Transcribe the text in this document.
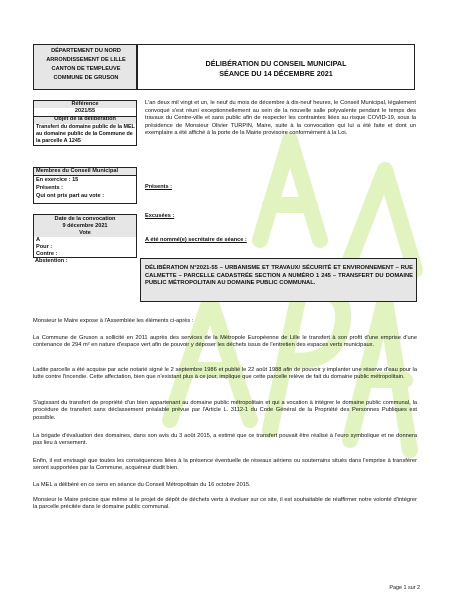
DÉPARTEMENT DU NORD
ARRONDISSEMENT DE LILLE
CANTON DE TEMPLEUVE
COMMUNE DE GRUSON
DÉLIBÉRATION DU CONSEIL MUNICIPAL
SÉANCE DU 14 DÉCEMBRE 2021
Référence
2021/55
Objet de la délibération
Transfert du domaine public de la MEL au domaine public de la Commune de la parcelle A 1245
Membres du Conseil Municipal
En exercice : 15
Présents :
Qui ont pris part au vote :
Date de la convocation
9 décembre 2021
Vote
A
Pour :
Contre :
Abstention :
L'an deux mil vingt et un, le neuf du mois de décembre à dix-neuf heures, le Conseil Municipal, légalement convoqué s'est réuni exceptionnellement au sein de la nouvelle salle polyvalente pendant le temps des travaux du Centre-ville et sans public afin de respecter les contraintes liées au risque COVID-19, sous la présidence de Monsieur Olivier TURPIN, Maire, suite à la convocation qui lui a été faite et dont un exemplaire a été affiché à la porte de la Mairie provisoire conformément à la Loi.
Présents :
Excusées :
A été nommé(e) secrétaire de séance :
DÉLIBÉRATION N°2021-55 – URBANISME ET TRAVAUX/ SÉCURITÉ ET ENVIRONNEMENT – RUE CALMETTE – PARCELLE CADASTRÉE SECTION A NUMÉRO 1 245 – TRANSFERT DU DOMAINE PUBLIC MÉTROPOLITAIN AU DOMAINE PUBLIC COMMUNAL.
Monsieur le Maire expose à l'Assemblée les éléments ci-après :
La Commune de Gruson a sollicité en 2011 auprès des services de la Métropole Européenne de Lille le transfert à son profit d'une emprise d'une contenance de 294 m² en nature d'espace vert afin de pouvoir y déposer les déchets issus de l'entretien des espaces verts municipaux.
Ladite parcelle a été acquise par acte notarié signé le 2 septembre 1986 et publié le 22 août 1988 afin de pouvoir y implanter une réserve d'eau pour la lutte contre l'incendie. Cette affectation, bien que n'existant plus à ce jour, implique que cette parcelle relève de fait du domaine public métropolitain.
S'agissant du transfert de propriété d'un bien appartenant au domaine public métropolitain et qui a vocation à intégrer le domaine public communal, la procédure de transfert sans déclassement préalable prévue par l'Article L. 3112-1 du Code Général de la Propriété des Personnes Publiques est possible.
La brigade d'évaluation des domaines, dans son avis du 3 août 2015, a estimé que ce transfert pouvait être réalisé à l'euro symbolique et ne donnera pas lieu à versement.
Enfin, il est envisagé que toutes les conséquences liées à la présence éventuelle de réseaux aériens ou souterrains situés dans l'emprise à transférer seront supportées par la Commune, acquéreur dudit bien.
La MEL a délibéré en ce sens en séance du Conseil Métropolitain du 16 octobre 2015.
Monsieur le Maire précise que même si le projet de dépôt de déchets verts à évoluer sur ce site, il est souhaitable de réaffirmer notre volonté d'intégrer la parcelle précitée dans le domaine public communal.
Page 1 sur 2
